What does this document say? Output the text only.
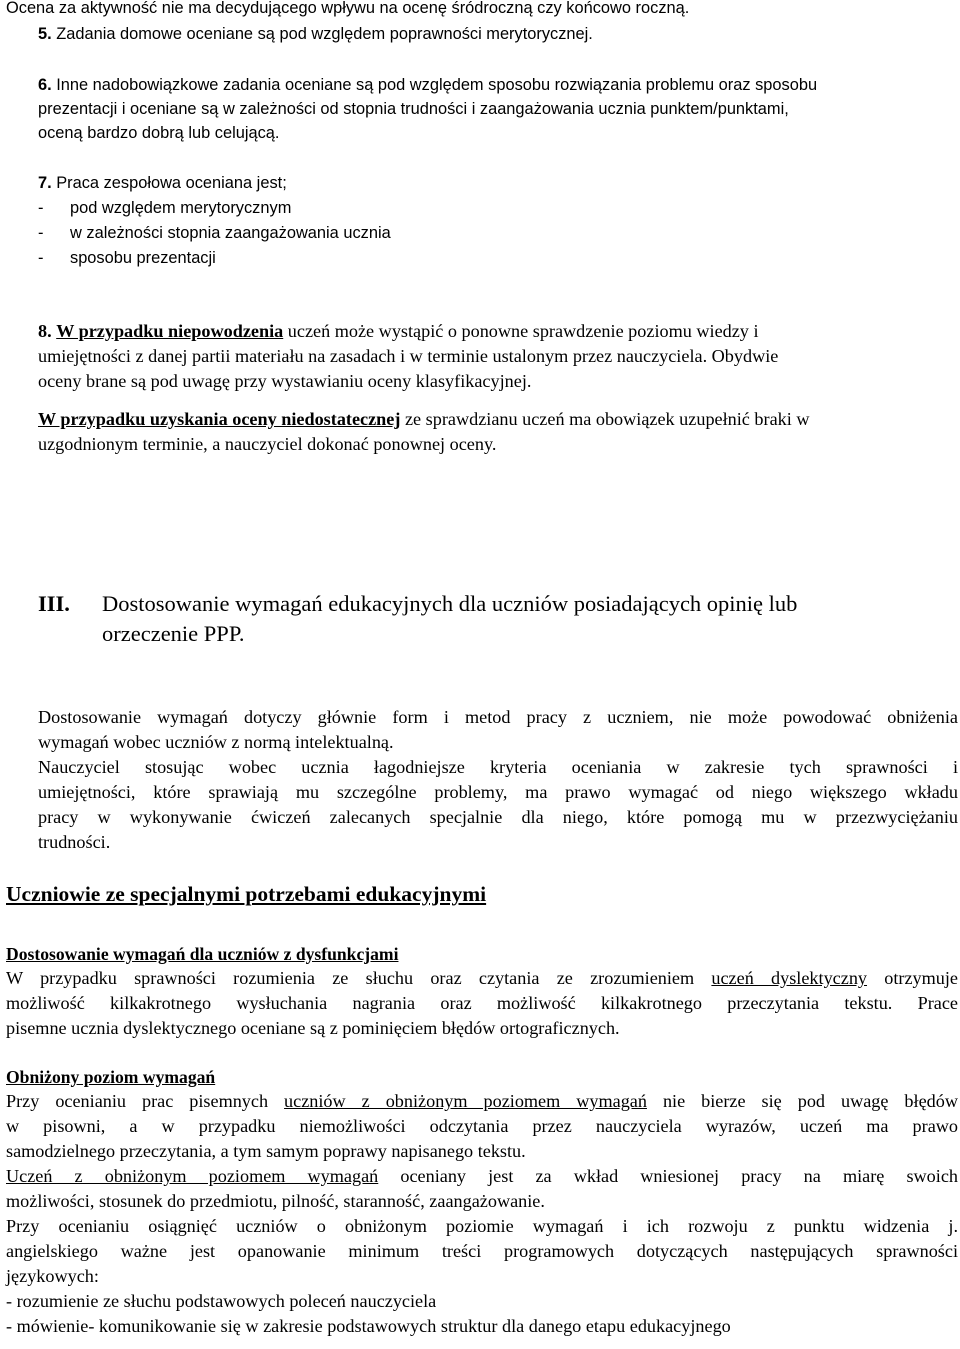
Ocena za aktywność nie ma decydującego wpływu na ocenę śródroczną czy końcowo roczną.
5. Zadania domowe oceniane są pod względem poprawności merytorycznej.
6. Inne nadobowiązkowe zadania oceniane są pod względem sposobu rozwiązania problemu oraz sposobu
prezentacji i oceniane są w zależności od stopnia trudności i zaangażowania ucznia punktem/punktami,
oceną bardzo dobrą lub celującą.
7. Praca zespołowa oceniana jest;
- pod względem merytorycznym
- w zależności stopnia zaangażowania ucznia
- sposobu prezentacji
8. W przypadku niepowodzenia uczeń może wystąpić o ponowne sprawdzenie poziomu wiedzy i
umiejętności z danej partii materiału na zasadach i w terminie ustalonym przez nauczyciela. Obydwie
oceny brane są pod uwagę przy wystawianiu oceny klasyfikacyjnej.
W przypadku uzyskania oceny niedostatecznej ze sprawdzianu uczeń ma obowiązek uzupełnić braki w
uzgodnionym terminie, a nauczyciel dokonać ponownej oceny.
III. Dostosowanie wymagań edukacyjnych dla uczniów posiadających opinię lub
orzeczenie PPP.
Dostosowanie wymagań dotyczy głównie form i metod pracy z uczniem, nie może powodować obniżenia
wymagań wobec uczniów z normą intelektualną.
Nauczyciel stosując wobec ucznia łagodniejsze kryteria oceniania w zakresie tych sprawności i
umiejętności, które sprawiają mu szczególne problemy, ma prawo wymagać od niego większego wkładu
pracy w wykonywanie ćwiczeń zalecanych specjalnie dla niego, które pomogą mu w przezwyciężaniu
trudności.
Uczniowie ze specjalnymi potrzebami edukacyjnymi
Dostosowanie wymagań dla uczniów z dysfunkcjami
W przypadku sprawności rozumienia ze słuchu oraz czytania ze zrozumieniem uczeń dyslektyczny otrzymuje
możliwość kilkakrotnego wysłuchania nagrania oraz możliwość kilkakrotnego przeczytania tekstu. Prace
pisemne ucznia dyslektycznego oceniane są z pominięciem błędów ortograficznych.
Obniżony poziom wymagań
Przy ocenianiu prac pisemnych uczniów z obniżonym poziomem wymagań nie bierze się pod uwagę błędów
w pisowni, a w przypadku niemożliwości odczytania przez nauczyciela wyrazów, uczeń ma prawo
samodzielnego przeczytania, a tym samym poprawy napisanego tekstu.
Uczeń z obniżonym poziomem wymagań oceniany jest za wkład wniesionej pracy na miarę swoich
możliwości, stosunek do przedmiotu, pilność, staranność, zaangażowanie.
Przy ocenianiu osiągnięć uczniów o obniżonym poziomie wymagań i ich rozwoju z punktu widzenia j.
angielskiego ważne jest opanowanie minimum treści programowych dotyczących następujących sprawności
językowych:
- rozumienie ze słuchu podstawowych poleceń nauczyciela
- mówienie- komunikowanie się w zakresie podstawowych struktur dla danego etapu edukacyjnego
